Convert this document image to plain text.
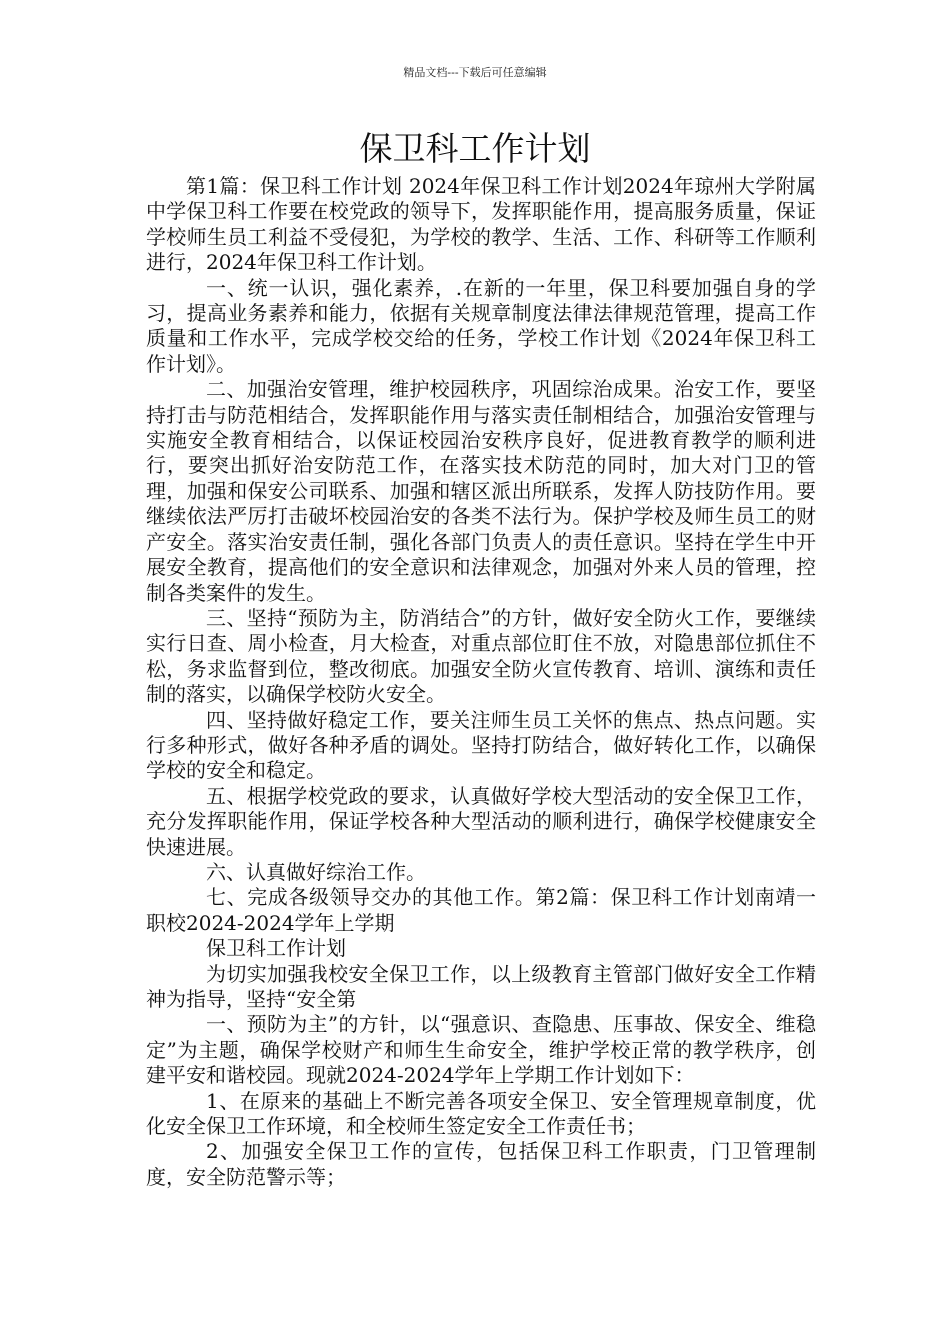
精品文档---下载后可任意编辑
保卫科工作计划

第1篇：保卫科工作计划 2024年保卫科工作计划2024年琼州大学附属中学保卫科工作要在校党政的领导下，发挥职能作用，提高服务质量，保证学校师生员工利益不受侵犯，为学校的教学、生活、工作、科研等工作顺利进行，2024年保卫科工作计划。

一、统一认识，强化素养，.在新的一年里，保卫科要加强自身的学习，提高业务素养和能力，依据有关规章制度法律法律规范管理，提高工作质量和工作水平，完成学校交给的任务，学校工作计划《2024年保卫科工作计划》。

二、加强治安管理，维护校园秩序，巩固综治成果。治安工作，要坚持打击与防范相结合，发挥职能作用与落实责任制相结合，加强治安管理与实施安全教育相结合，以保证校园治安秩序良好，促进教育教学的顺利进行，要突出抓好治安防范工作，在落实技术防范的同时，加大对门卫的管理，加强和保安公司联系、加强和辖区派出所联系，发挥人防技防作用。要继续依法严厉打击破坏校园治安的各类不法行为。保护学校及师生员工的财产安全。落实治安责任制，强化各部门负责人的责任意识。坚持在学生中开展安全教育，提高他们的安全意识和法律观念，加强对外来人员的管理，控制各类案件的发生。

三、坚持“预防为主，防消结合”的方针，做好安全防火工作，要继续实行日查、周小检查，月大检查，对重点部位盯住不放，对隐患部位抓住不松，务求监督到位，整改彻底。加强安全防火宣传教育、培训、演练和责任制的落实，以确保学校防火安全。

四、坚持做好稳定工作，要关注师生员工关怀的焦点、热点问题。实行多种形式，做好各种矛盾的调处。坚持打防结合，做好转化工作，以确保学校的安全和稳定。

五、根据学校党政的要求，认真做好学校大型活动的安全保卫工作，充分发挥职能作用，保证学校各种大型活动的顺利进行，确保学校健康安全快速进展。

六、认真做好综治工作。

七、完成各级领导交办的其他工作。第2篇：保卫科工作计划南靖一职校2024-2024学年上学期

保卫科工作计划

为切实加强我校安全保卫工作，以上级教育主管部门做好安全工作精神为指导，坚持“安全第

一、预防为主”的方针，以“强意识、查隐患、压事故、保安全、维稳定”为主题，确保学校财产和师生生命安全，维护学校正常的教学秩序，创建平安和谐校园。现就2024-2024学年上学期工作计划如下：

1、在原来的基础上不断完善各项安全保卫、安全管理规章制度，优化安全保卫工作环境，和全校师生签定安全工作责任书；

2、加强安全保卫工作的宣传，包括保卫科工作职责，门卫管理制度，安全防范警示等；
